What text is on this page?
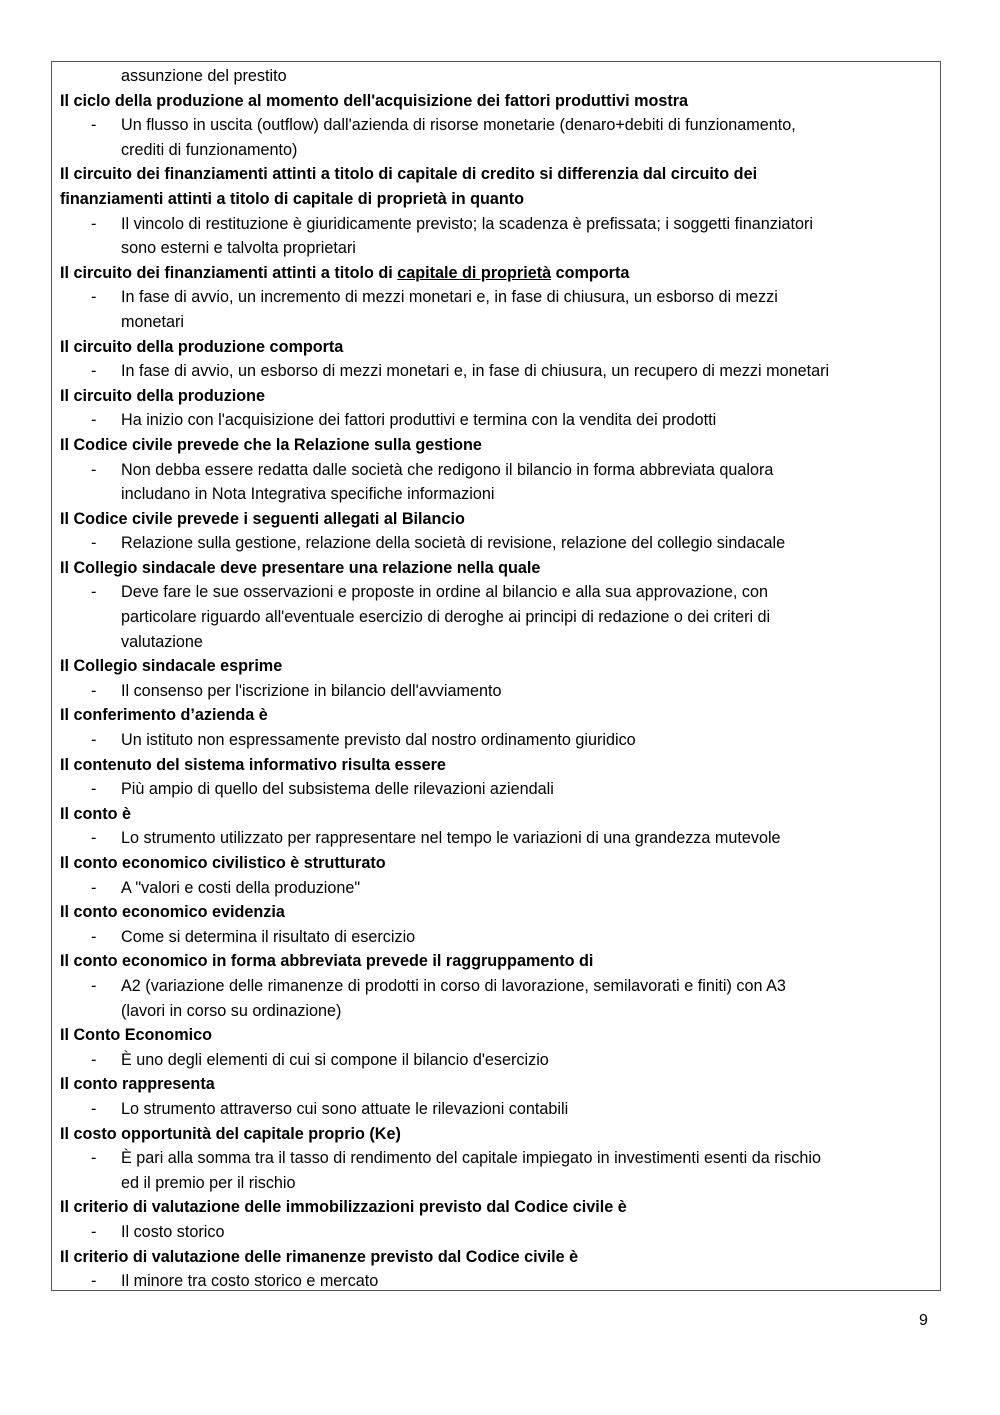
assunzione del prestito
Il ciclo della produzione al momento dell'acquisizione dei fattori produttivi mostra
- Un flusso in uscita (outflow) dall'azienda di risorse monetarie (denaro+debiti di funzionamento,
crediti di funzionamento)
Il circuito dei finanziamenti attinti a titolo di capitale di credito si differenzia dal circuito dei
finanziamenti attinti a titolo di capitale di proprietà in quanto
- Il vincolo di restituzione è giuridicamente previsto; la scadenza è prefissata; i soggetti finanziatori
sono esterni e talvolta proprietari
Il circuito dei finanziamenti attinti a titolo di capitale di proprietà comporta
- In fase di avvio, un incremento di mezzi monetari e, in fase di chiusura, un esborso di mezzi
monetari
Il circuito della produzione comporta
- In fase di avvio, un esborso di mezzi monetari e, in fase di chiusura, un recupero di mezzi monetari
Il circuito della produzione
- Ha inizio con l'acquisizione dei fattori produttivi e termina con la vendita dei prodotti
Il Codice civile prevede che la Relazione sulla gestione
- Non debba essere redatta dalle società che redigono il bilancio in forma abbreviata qualora
includano in Nota Integrativa specifiche informazioni
Il Codice civile prevede i seguenti allegati al Bilancio
- Relazione sulla gestione, relazione della società di revisione, relazione del collegio sindacale
Il Collegio sindacale deve presentare una relazione nella quale
- Deve fare le sue osservazioni e proposte in ordine al bilancio e alla sua approvazione, con
particolare riguardo all'eventuale esercizio di deroghe ai principi di redazione o dei criteri di
valutazione
Il Collegio sindacale esprime
- Il consenso per l'iscrizione in bilancio dell'avviamento
Il conferimento d’azienda è
- Un istituto non espressamente previsto dal nostro ordinamento giuridico
Il contenuto del sistema informativo risulta essere
- Più ampio di quello del subsistema delle rilevazioni aziendali
Il conto è
- Lo strumento utilizzato per rappresentare nel tempo le variazioni di una grandezza mutevole
Il conto economico civilistico è strutturato
- A "valori e costi della produzione"
Il conto economico evidenzia
- Come si determina il risultato di esercizio
Il conto economico in forma abbreviata prevede il raggruppamento di
- A2 (variazione delle rimanenze di prodotti in corso di lavorazione, semilavorati e finiti) con A3
(lavori in corso su ordinazione)
Il Conto Economico
- È uno degli elementi di cui si compone il bilancio d'esercizio
Il conto rappresenta
- Lo strumento attraverso cui sono attuate le rilevazioni contabili
Il costo opportunità del capitale proprio (Ke)
- È pari alla somma tra il tasso di rendimento del capitale impiegato in investimenti esenti da rischio
ed il premio per il rischio
Il criterio di valutazione delle immobilizzazioni previsto dal Codice civile è
- Il costo storico
Il criterio di valutazione delle rimanenze previsto dal Codice civile è
- Il minore tra costo storico e mercato
9
